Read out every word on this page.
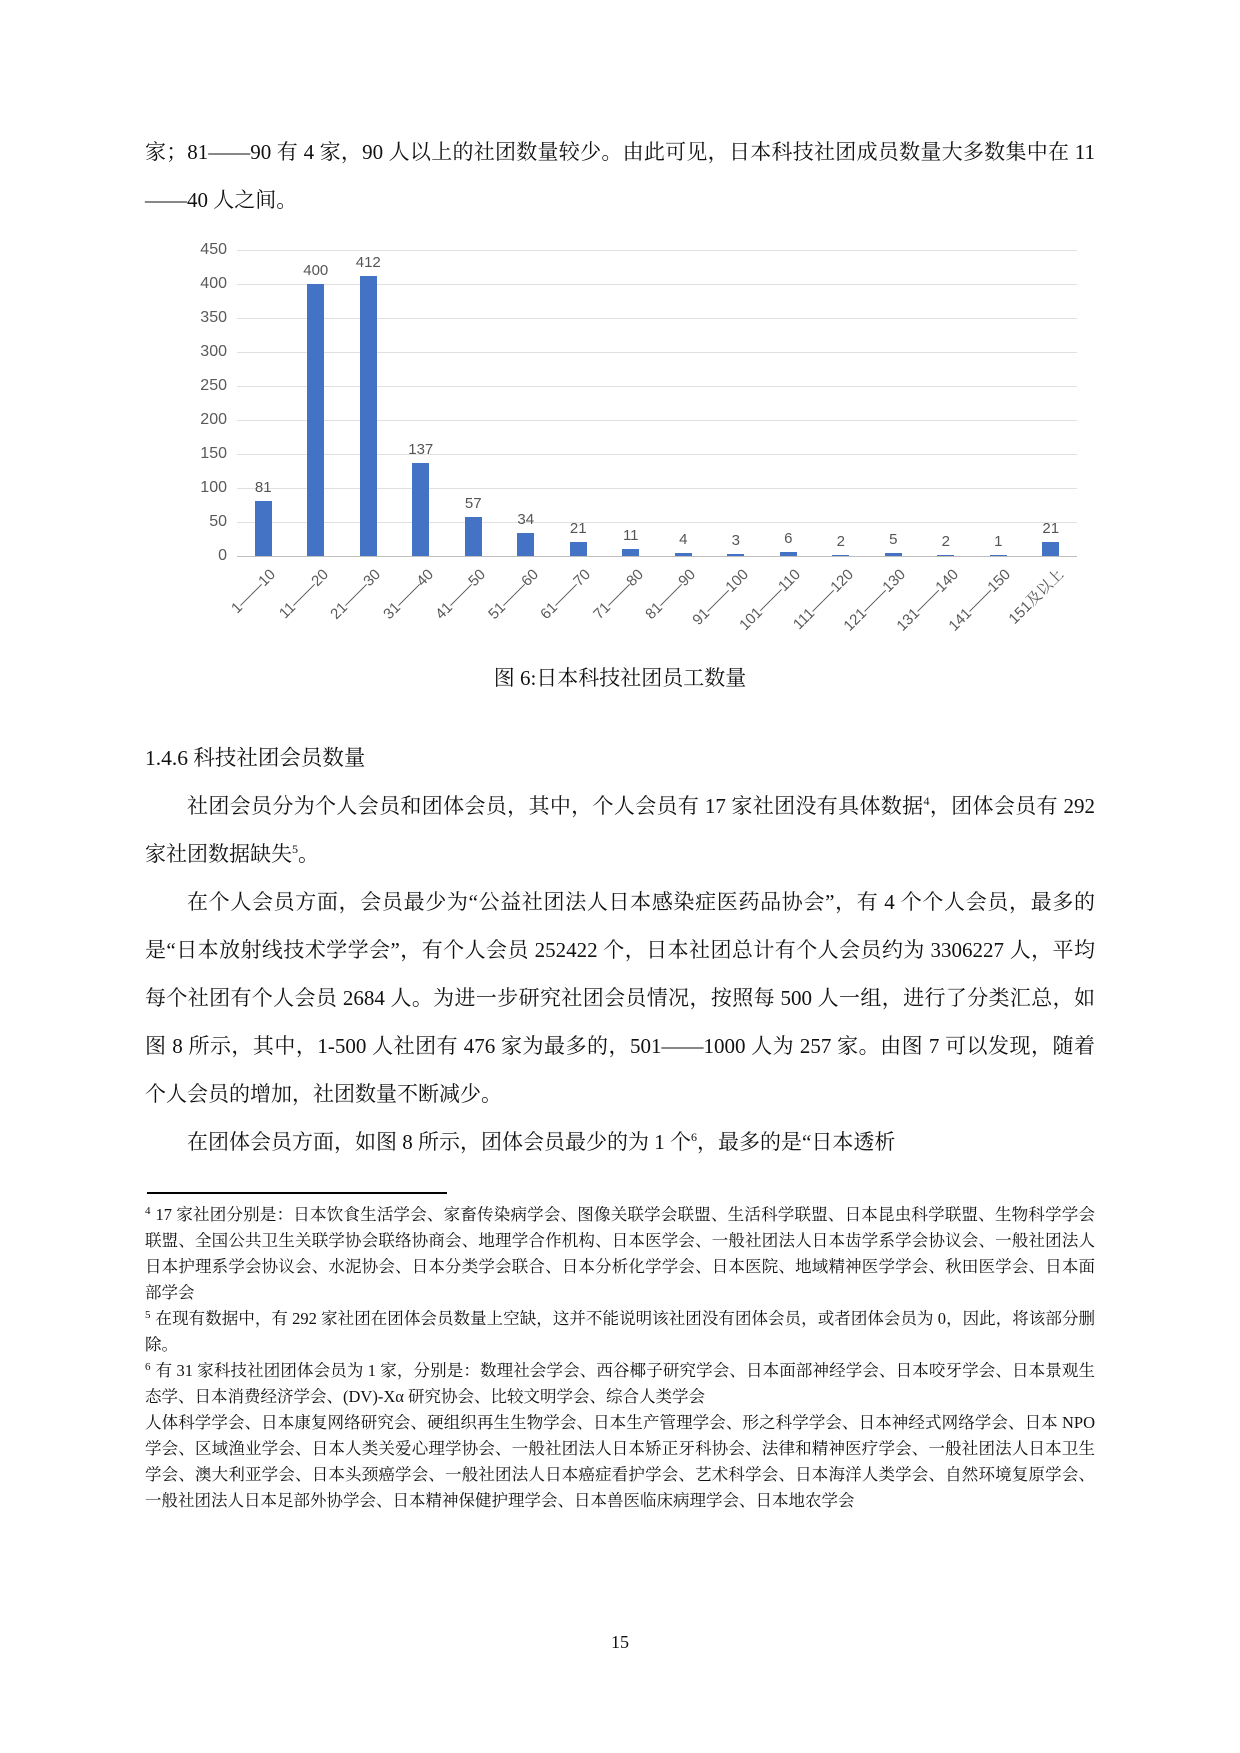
家；81——90 有 4 家，90 人以上的社团数量较少。由此可见，日本科技社团成员数量大多数集中在 11——40 人之间。

0
50
100
150
200
250
300
350
400
450
81
1——10
400
11——20
412
21——30
137
31——40
57
41——50
34
51——60
21
61——70
11
71——80
4
81——90
3
91——100
6
101——110
2
111——120
5
121——130
2
131——140
1
141——150
21
151及以上

图 6:日本科技社团员工数量

1.4.6 科技社团会员数量

社团会员分为个人会员和团体会员，其中，个人会员有 17 家社团没有具体数据$^4$，团体会员有 292 家社团数据缺失$^5$。

在个人会员方面，会员最少为“公益社团法人日本感染症医药品协会”，有 4 个个人会员，最多的是“日本放射线技术学学会”，有个人会员 252422 个，日本社团总计有个人会员约为 3306227 人，平均每个社团有个人会员 2684 人。为进一步研究社团会员情况，按照每 500 人一组，进行了分类汇总，如图 8 所示，其中，1-500 人社团有 476 家为最多的，501——1000 人为 257 家。由图 7 可以发现，随着个人会员的增加，社团数量不断减少。

在团体会员方面，如图 8 所示，团体会员最少的为 1 个$^6$，最多的是“日本透析

$^4$ 17 家社团分别是：日本饮食生活学会、家畜传染病学会、图像关联学会联盟、生活科学联盟、日本昆虫科学联盟、生物科学学会联盟、全国公共卫生关联学协会联络协商会、地理学合作机构、日本医学会、一般社团法人日本齿学系学会协议会、一般社团法人日本护理系学会协议会、水泥协会、日本分类学会联合、日本分析化学学会、日本医院、地域精神医学学会、秋田医学会、日本面部学会

$^5$ 在现有数据中，有 292 家社团在团体会员数量上空缺，这并不能说明该社团没有团体会员，或者团体会员为 0，因此，将该部分删除。

$^6$ 有 31 家科技社团团体会员为 1 家，分别是：数理社会学会、西谷椰子研究学会、日本面部神经学会、日本咬牙学会、日本景观生态学、日本消费经济学会、(DV)-Xα 研究协会、比较文明学会、综合人类学会
人体科学学会、日本康复网络研究会、硬组织再生生物学会、日本生产管理学会、形之科学学会、日本神经式网络学会、日本 NPO 学会、区域渔业学会、日本人类关爱心理学协会、一般社团法人日本矫正牙科协会、法律和精神医疗学会、一般社团法人日本卫生学会、澳大利亚学会、日本头颈癌学会、一般社团法人日本癌症看护学会、艺术科学会、日本海洋人类学会、自然环境复原学会、一般社团法人日本足部外协学会、日本精神保健护理学会、日本兽医临床病理学会、日本地农学会

15
